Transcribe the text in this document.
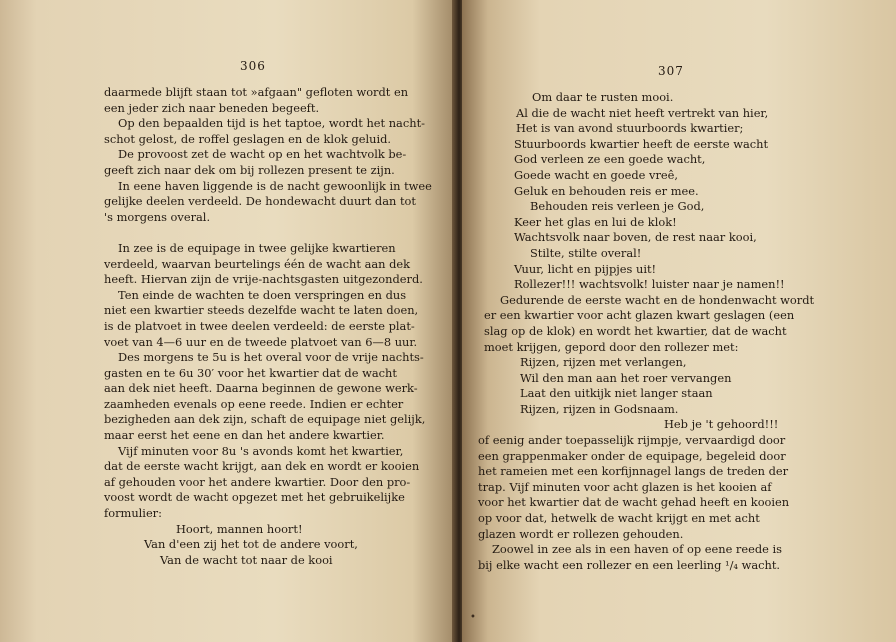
306
daarmede blijft staan tot »afgaan" gefloten wordt en
een jeder zich naar beneden begeeft.
Op den bepaalden tijd is het taptoe, wordt het nacht-
schot gelost, de roffel geslagen en de klok geluid.
De provoost zet de wacht op en het wachtvolk be-
geeft zich naar dek om bij rollezen present te zijn.
In eene haven liggende is de nacht gewoonlijk in twee
gelijke deelen verdeeld. De hondewacht duurt dan tot
's morgens overal.
In zee is de equipage in twee gelijke kwartieren
verdeeld, waarvan beurtelings één de wacht aan dek
heeft. Hiervan zijn de vrije-nachtsgasten uitgezonderd.
Ten einde de wachten te doen verspringen en dus
niet een kwartier steeds dezelfde wacht te laten doen,
is de platvoet in twee deelen verdeeld: de eerste plat-
voet van 4—6 uur en de tweede platvoet van 6—8 uur.
Des morgens te 5u is het overal voor de vrije nachts-
gasten en te 6u 30′ voor het kwartier dat de wacht
aan dek niet heeft. Daarna beginnen de gewone werk-
zaamheden evenals op eene reede. Indien er echter
bezigheden aan dek zijn, schaft de equipage niet gelijk,
maar eerst het eene en dan het andere kwartier.
Vijf minuten voor 8u 's avonds komt het kwartier,
dat de eerste wacht krijgt, aan dek en wordt er kooien
af gehouden voor het andere kwartier. Door den pro-
voost wordt de wacht opgezet met het gebruikelijke
formulier:
Hoort, mannen hoort!
Van d'een zij het tot de andere voort,
Van de wacht tot naar de kooi
307
Om daar te rusten mooi.
Al die de wacht niet heeft vertrekt van hier,
Het is van avond stuurboords kwartier;
Stuurboords kwartier heeft de eerste wacht
God verleen ze een goede wacht,
Goede wacht en goede vreê,
Geluk en behouden reis er mee.
Behouden reis verleen je God,
Keer het glas en lui de klok!
Wachtsvolk naar boven, de rest naar kooi,
Stilte, stilte overal!
Vuur, licht en pijpjes uit!
Rollezer!!! wachtsvolk! luister naar je namen!!
Gedurende de eerste wacht en de hondenwacht wordt
er een kwartier voor acht glazen kwart geslagen (een
slag op de klok) en wordt het kwartier, dat de wacht
moet krijgen, gepord door den rollezer met:
Rijzen, rijzen met verlangen,
Wil den man aan het roer vervangen
Laat den uitkijk niet langer staan
Rijzen, rijzen in Godsnaam.
Heb je 't gehoord!!!
of eenig ander toepasselijk rijmpje, vervaardigd door
een grappenmaker onder de equipage, begeleid door
het rameien met een korfijnnagel langs de treden der
trap. Vijf minuten voor acht glazen is het kooien af
voor het kwartier dat de wacht gehad heeft en kooien
op voor dat, hetwelk de wacht krijgt en met acht
glazen wordt er rollezen gehouden.
Zoowel in zee als in een haven of op eene reede is
bij elke wacht een rollezer en een leerling ¹/₄ wacht.
•
